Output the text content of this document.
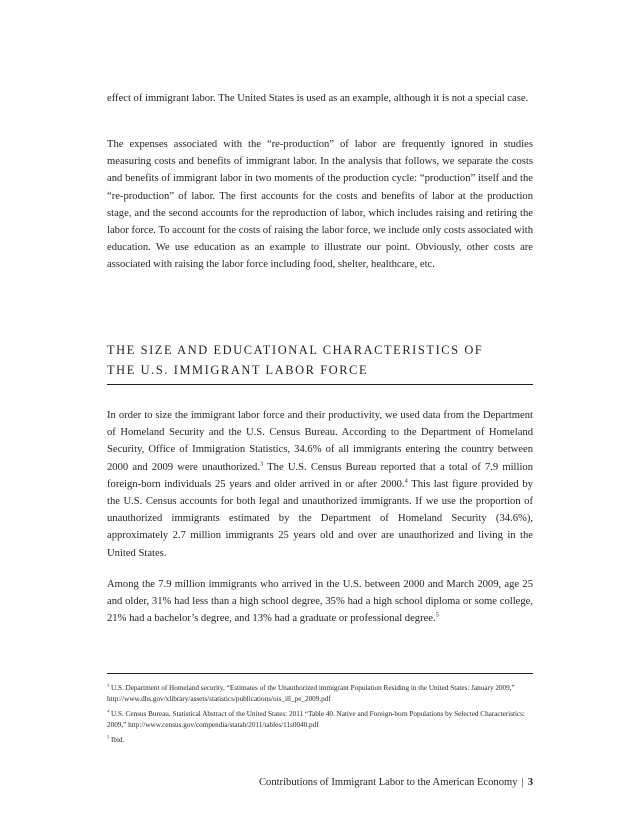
effect of immigrant labor. The United States is used as an example, although it is not a special case.

The expenses associated with the “re-production” of labor are frequently ignored in studies measuring costs and benefits of immigrant labor. In the analysis that follows, we separate the costs and benefits of immigrant labor in two moments of the production cycle: “production” itself and the “re-production” of labor. The first accounts for the costs and benefits of labor at the production stage, and the second accounts for the reproduction of labor, which includes raising and retiring the labor force. To account for the costs of raising the labor force, we include only costs associated with education. We use education as an example to illustrate our point. Obviously, other costs are associated with raising the labor force including food, shelter, healthcare, etc.

THE SIZE AND EDUCATIONAL CHARACTERISTICS OF
THE U.S. IMMIGRANT LABOR FORCE

In order to size the immigrant labor force and their productivity, we used data from the Department of Homeland Security and the U.S. Census Bureau. According to the Department of Homeland Security, Office of Immigration Statistics, 34.6% of all immigrants entering the country between 2000 and 2009 were unauthorized.$^3$ The U.S. Census Bureau reported that a total of 7.9 million foreign-born individuals 25 years and older arrived in or after 2000.$^4$ This last figure provided by the U.S. Census accounts for both legal and unauthorized immigrants. If we use the proportion of unauthorized immigrants estimated by the Department of Homeland Security (34.6%), approximately 2.7 million immigrants 25 years old and over are unauthorized and living in the United States.

Among the 7.9 million immigrants who arrived in the U.S. between 2000 and March 2009, age 25 and older, 31% had less than a high school degree, 35% had a high school diploma or some college, 21% had a bachelor’s degree, and 13% had a graduate or professional degree.$^5$

$^3$ U.S. Department of Homeland security, “Estimates of the Unauthorized immigrant Population Residing in the United States: January 2009,” http://www.dhs.gov/xlibrary/assets/statistics/publications/ois_ill_pe_2009.pdf

$^4$ U.S. Census Bureau, Statistical Abstract of the United States: 2011 “Table 40. Native and Foreign-born Populations by Selected Characteristics: 2009,” http://www.census.gov/compendia/statab/2011/tables/11s0040.pdf

$^5$ Ibid.

Contributions of Immigrant Labor to the American Economy | 3
